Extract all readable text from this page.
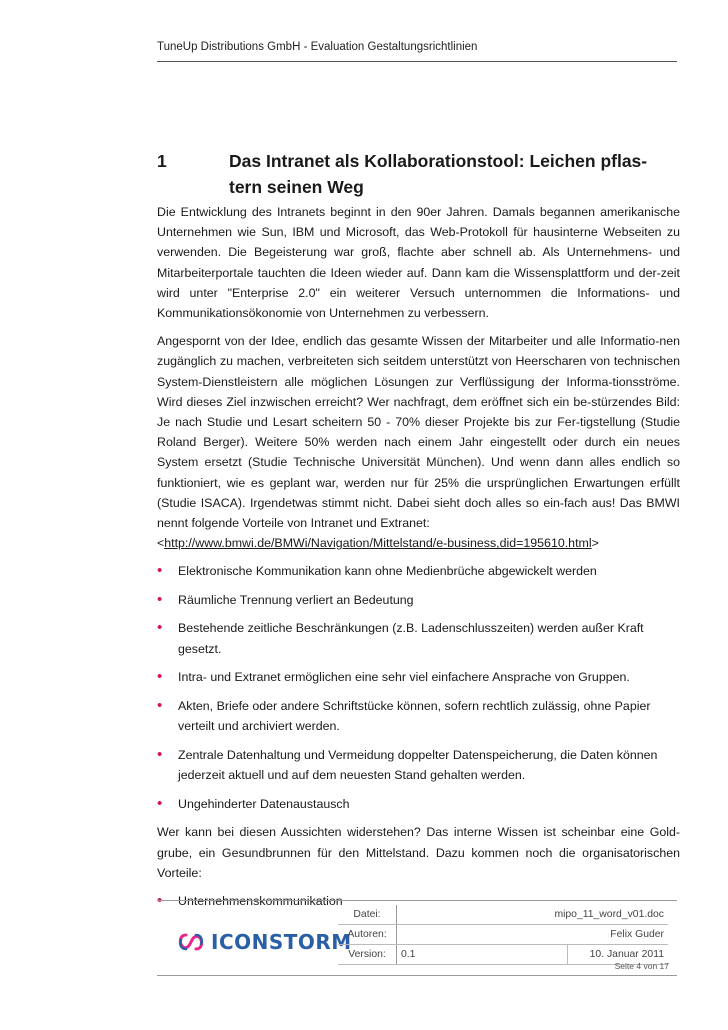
TuneUp Distributions GmbH - Evaluation Gestaltungsrichtlinien
1	Das Intranet als Kollaborationstool: Leichen pflas-
tern seinen Weg

Die Entwicklung des Intranets beginnt in den 90er Jahren. Damals begannen amerikanische Unternehmen wie Sun, IBM und Microsoft, das Web-Protokoll für hausinterne Webseiten zu verwenden. Die Begeisterung war groß, flachte aber schnell ab. Als Unternehmens- und Mitarbeiterportale tauchten die Ideen wieder auf. Dann kam die Wissensplattform und der-zeit wird unter "Enterprise 2.0" ein weiterer Versuch unternommen die Informations- und Kommunikationsökonomie von Unternehmen zu verbessern.

Angespornt von der Idee, endlich das gesamte Wissen der Mitarbeiter und alle Informatio-nen zugänglich zu machen, verbreiteten sich seitdem unterstützt von Heerscharen von technischen System-Dienstleistern alle möglichen Lösungen zur Verflüssigung der Informa-tionsströme. Wird dieses Ziel inzwischen erreicht? Wer nachfragt, dem eröffnet sich ein be-stürzendes Bild: Je nach Studie und Lesart scheitern 50 - 70% dieser Projekte bis zur Fer-tigstellung (Studie Roland Berger). Weitere 50% werden nach einem Jahr eingestellt oder durch ein neues System ersetzt (Studie Technische Universität München). Und wenn dann alles endlich so funktioniert, wie es geplant war, werden nur für 25% die ursprünglichen Erwartungen erfüllt (Studie ISACA). Irgendetwas stimmt nicht. Dabei sieht doch alles so ein-fach aus! Das BMWI nennt folgende Vorteile von Intranet und Extranet:
<http://www.bmwi.de/BMWi/Navigation/Mittelstand/e-business,did=195610.html>

• Elektronische Kommunikation kann ohne Medienbrüche abgewickelt werden
• Räumliche Trennung verliert an Bedeutung
• Bestehende zeitliche Beschränkungen (z.B. Ladenschlusszeiten) werden außer Kraft gesetzt.
• Intra- und Extranet ermöglichen eine sehr viel einfachere Ansprache von Gruppen.
• Akten, Briefe oder andere Schriftstücke können, sofern rechtlich zulässig, ohne Papier verteilt und archiviert werden.
• Zentrale Datenhaltung und Vermeidung doppelter Datenspeicherung, die Daten können jederzeit aktuell und auf dem neuesten Stand gehalten werden.
• Ungehinderter Datenaustausch

Wer kann bei diesen Aussichten widerstehen? Das interne Wissen ist scheinbar eine Gold-grube, ein Gesundbrunnen für den Mittelstand. Dazu kommen noch die organisatorischen Vorteile:

• Unternehmenskommunikation
ICONSTORM
Datei:	mipo_11_word_v01.doc	
Autoren:	Felix Guder	
Version:	0.1	10. Januar 2011
Seite 4 von 17
